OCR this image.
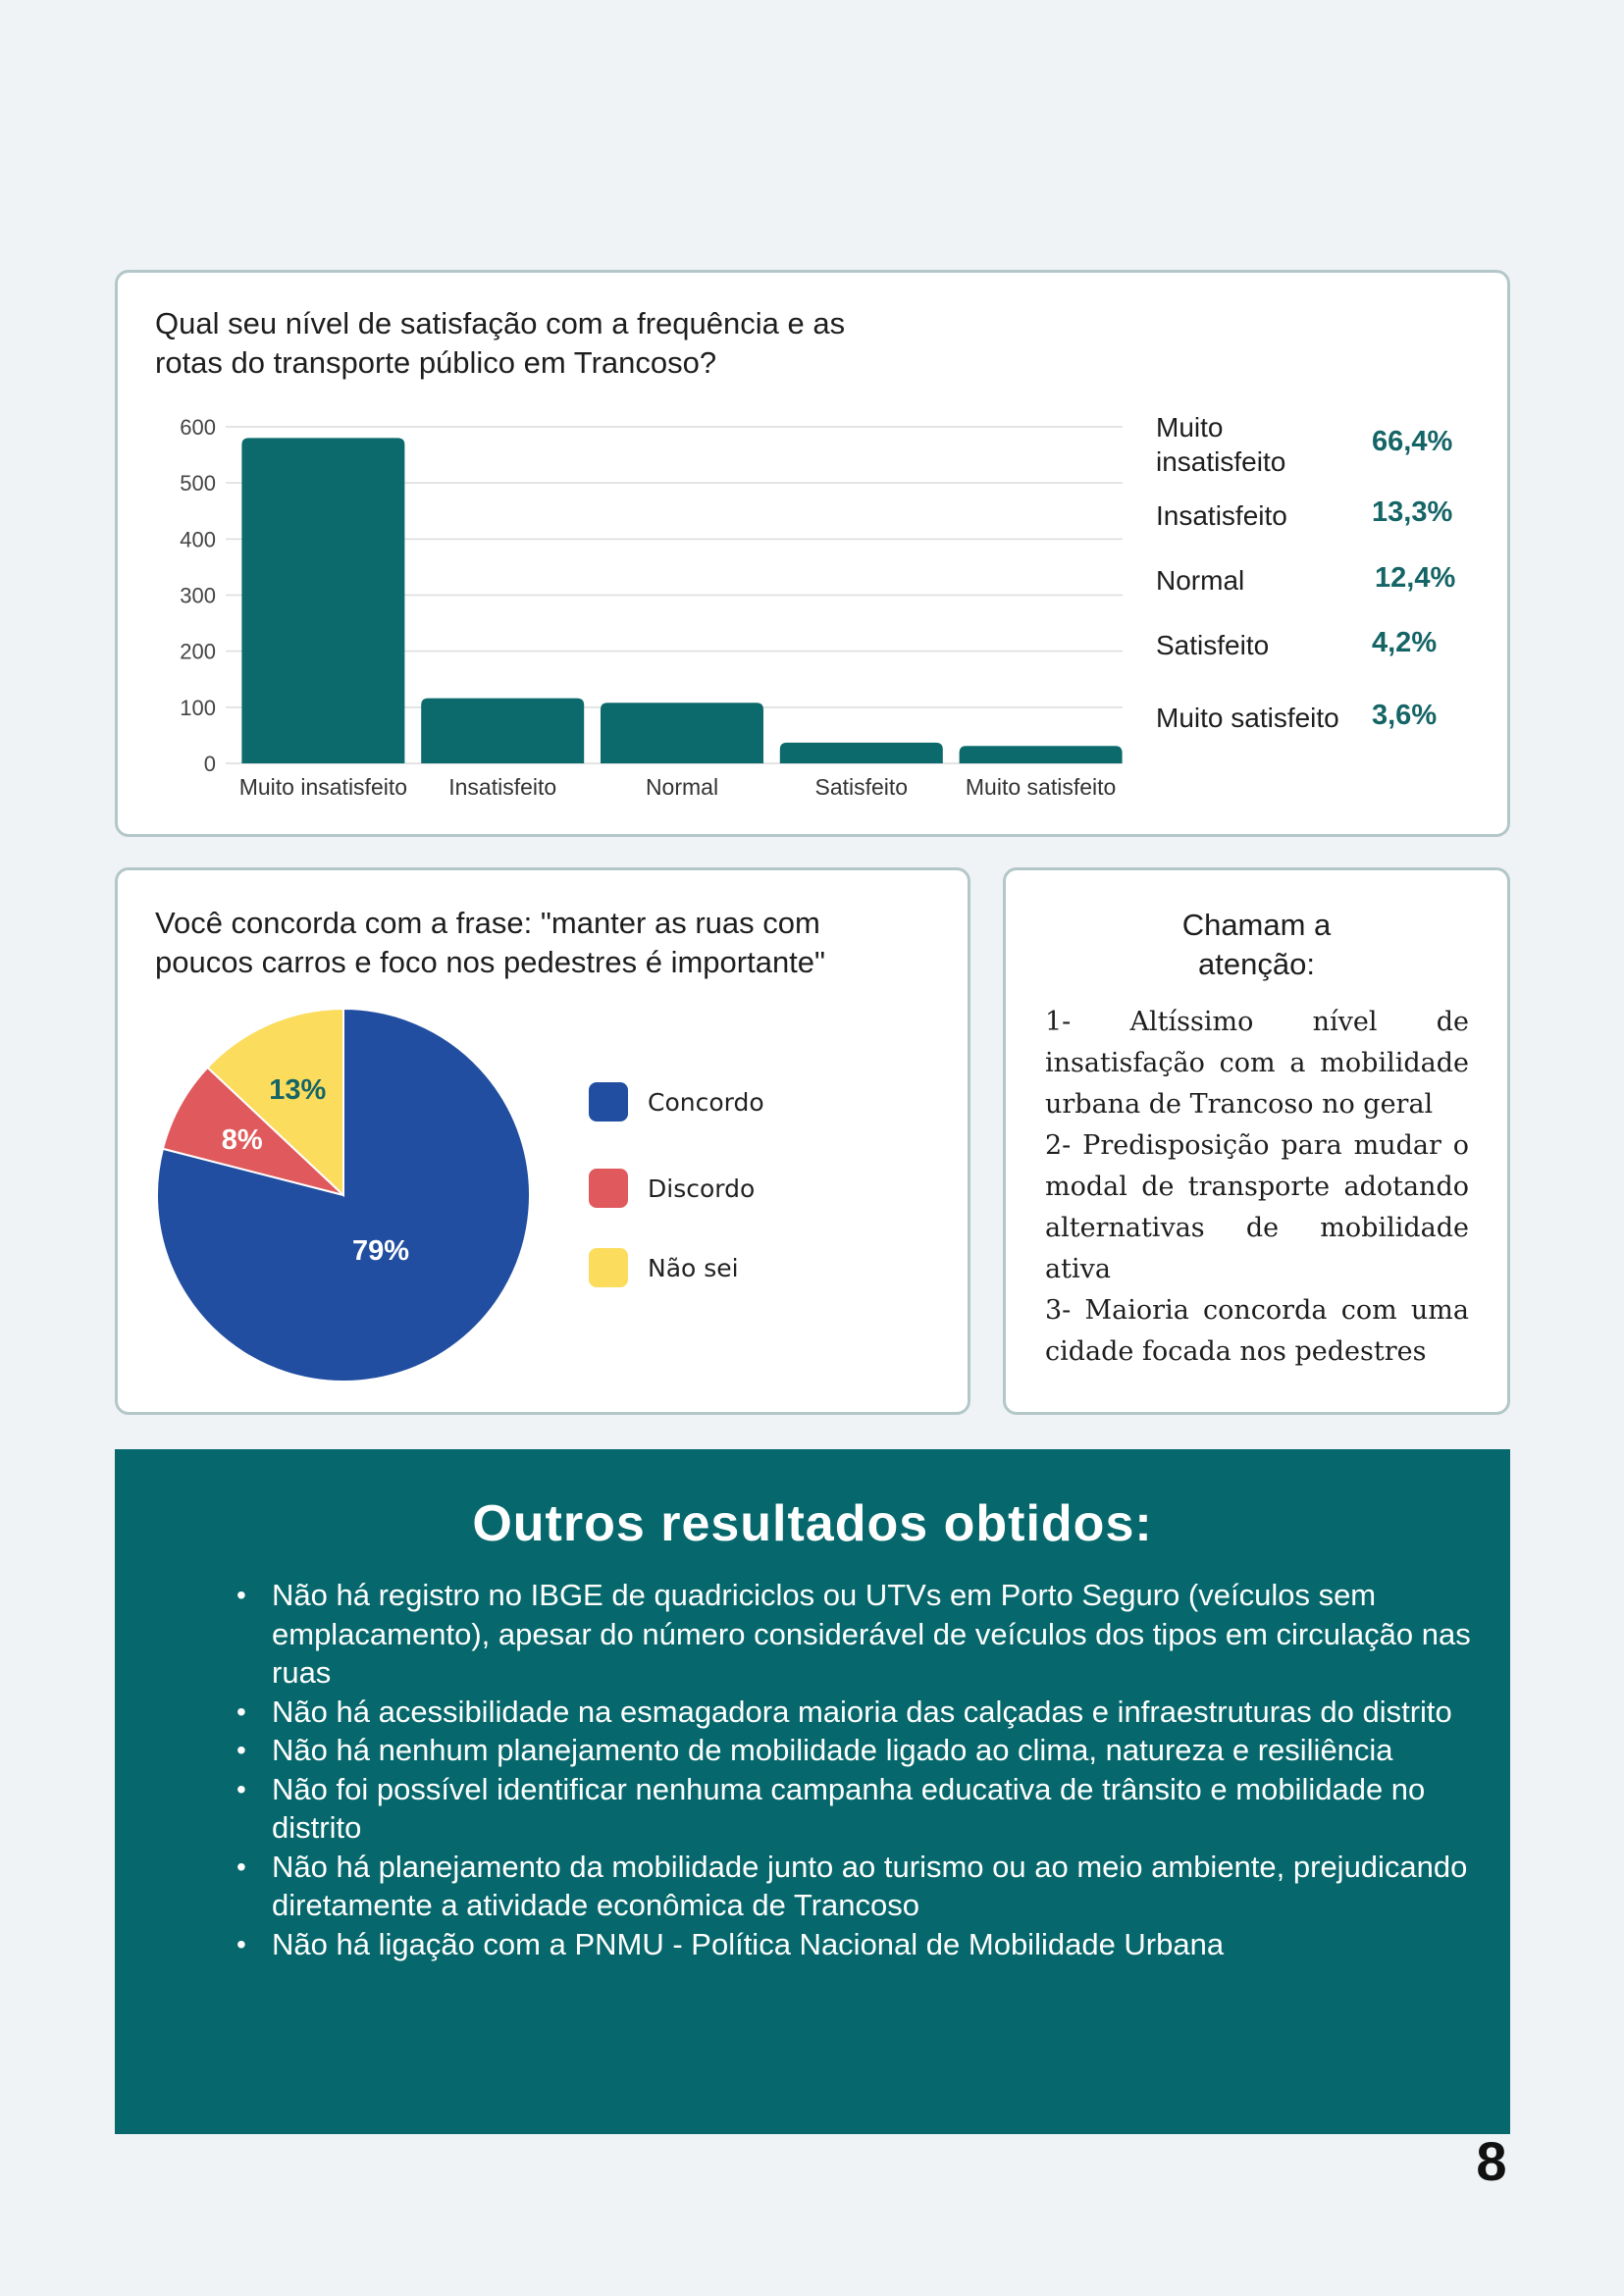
Qual seu nível de satisfação com a frequência e as
rotas do transporte público em Trancoso?
0
100
200
300
400
500
600
Muito insatisfeito Insatisfeito	Normal	Satisfeito	Muito satisfeito
Muito
insatisfeito
66,4%
Insatisfeito	13,3%
Normal	12,4%
Satisfeito	4,2%
Muito satisfeito	3,6%
Você concorda com a frase: "manter as ruas com
poucos carros e foco nos pedestres é importante"
79%
8%
13%	Concordo
Discordo
Não sei
Chamam a
atenção:
1- Altíssimo nível de insatisfação com a mobilidade urbana de Trancoso no geral
2- Predisposição para mudar o modal de transporte adotando alternativas de mobilidade ativa
3- Maioria concorda com uma cidade focada nos pedestres
Outros resultados obtidos:
• Não há registro no IBGE de quadriciclos ou UTVs em Porto Seguro (veículos sem emplacamento), apesar do número considerável de veículos dos tipos em circulação nas ruas
• Não há acessibilidade na esmagadora maioria das calçadas e infraestruturas do distrito
• Não há nenhum planejamento de mobilidade ligado ao clima, natureza e resiliência
• Não foi possível identificar nenhuma campanha educativa de trânsito e mobilidade no distrito
• Não há planejamento da mobilidade junto ao turismo ou ao meio ambiente, prejudicando diretamente a atividade econômica de Trancoso
• Não há ligação com a PNMU - Política Nacional de Mobilidade Urbana
8
